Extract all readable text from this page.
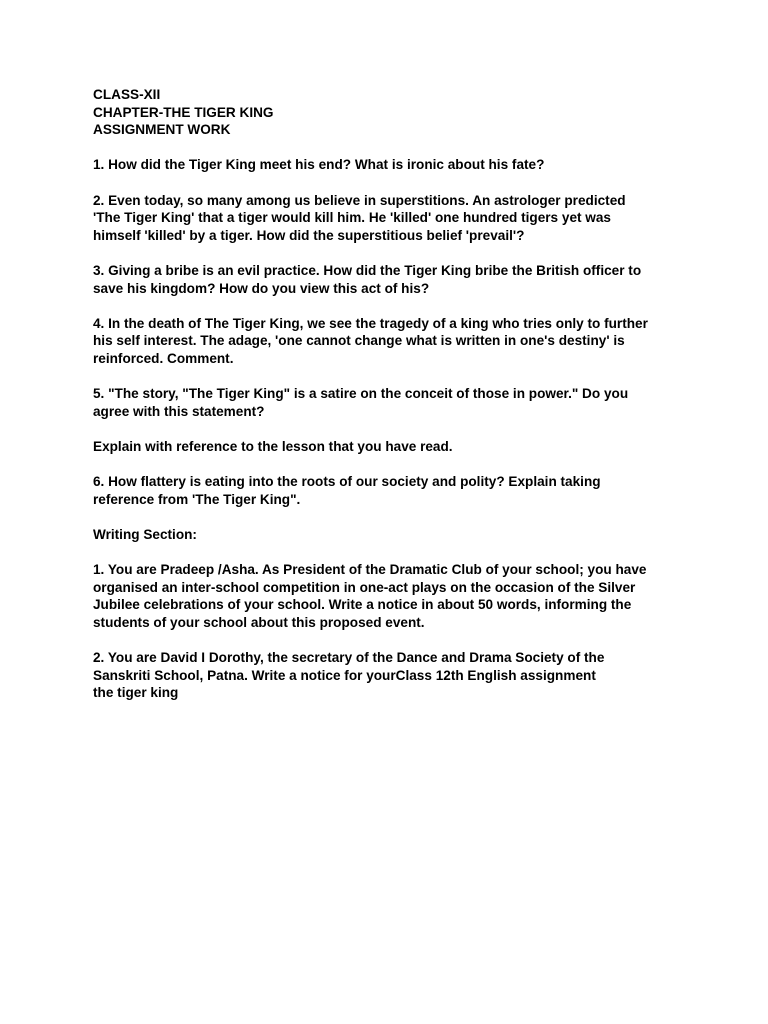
CLASS-XII
CHAPTER-THE TIGER KING
ASSIGNMENT WORK
1. How did the Tiger King meet his end? What is ironic about his fate?
2. Even today, so many among us believe in superstitions. An astrologer predicted
'The Tiger King' that a tiger would kill him. He 'killed' one hundred tigers yet was
himself 'killed' by a tiger. How did the superstitious belief 'prevail'?
3. Giving a bribe is an evil practice. How did the Tiger King bribe the British officer to
save his kingdom? How do you view this act of his?
4. In the death of The Tiger King, we see the tragedy of a king who tries only to further
his self interest. The adage, 'one cannot change what is written in one's destiny' is
reinforced. Comment.
5. "The story, "The Tiger King" is a satire on the conceit of those in power." Do you
agree with this statement?
Explain with reference to the lesson that you have read.
6. How flattery is eating into the roots of our society and polity? Explain taking
reference from 'The Tiger King".
Writing Section:
1. You are Pradeep /Asha. As President of the Dramatic Club of your school; you have
organised an inter-school competition in one-act plays on the occasion of the Silver
Jubilee celebrations of your school. Write a notice in about 50 words, informing the
students of your school about this proposed event.
2. You are David I Dorothy, the secretary of the Dance and Drama Society of the
Sanskriti School, Patna. Write a notice for yourClass 12th English assignment
the tiger king
